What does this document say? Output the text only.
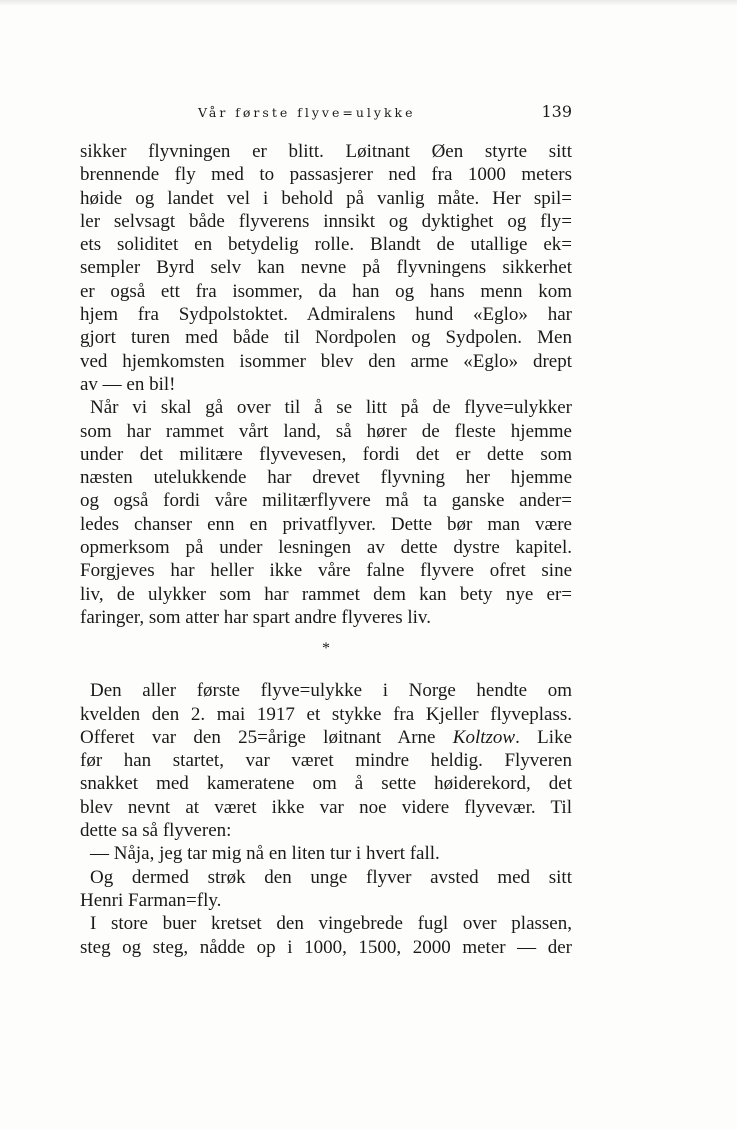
Vår første flyve=ulykke	139
sikker flyvningen er blitt. Løitnant Øen styrte sitt
brennende fly med to passasjerer ned fra 1000 meters
høide og landet vel i behold på vanlig måte. Her spil=
ler selvsagt både flyverens innsikt og dyktighet og fly=
ets soliditet en betydelig rolle. Blandt de utallige ek=
sempler Byrd selv kan nevne på flyvningens sikkerhet
er også ett fra isommer, da han og hans menn kom
hjem fra Sydpolstoktet. Admiralens hund «Eglo» har
gjort turen med både til Nordpolen og Sydpolen. Men
ved hjemkomsten isommer blev den arme «Eglo» drept
av — en bil!
Når vi skal gå over til å se litt på de flyve=ulykker
som har rammet vårt land, så hører de fleste hjemme
under det militære flyvevesen, fordi det er dette som
næsten utelukkende har drevet flyvning her hjemme
og også fordi våre militærflyvere må ta ganske ander=
ledes chanser enn en privatflyver. Dette bør man være
opmerksom på under lesningen av dette dystre kapitel.
Forgjeves har heller ikke våre falne flyvere ofret sine
liv, de ulykker som har rammet dem kan bety nye er=
faringer, som atter har spart andre flyveres liv.
*
Den aller første flyve=ulykke i Norge hendte om
kvelden den 2. mai 1917 et stykke fra Kjeller flyveplass.
Offeret var den 25=årige løitnant Arne Koltzow. Like
før han startet, var været mindre heldig. Flyveren
snakket med kameratene om å sette høiderekord, det
blev nevnt at været ikke var noe videre flyvevær. Til
dette sa så flyveren:
— Nåja, jeg tar mig nå en liten tur i hvert fall.
Og dermed strøk den unge flyver avsted med sitt
Henri Farman=fly.
I store buer kretset den vingebrede fugl over plassen,
steg og steg, nådde op i 1000, 1500, 2000 meter — der
